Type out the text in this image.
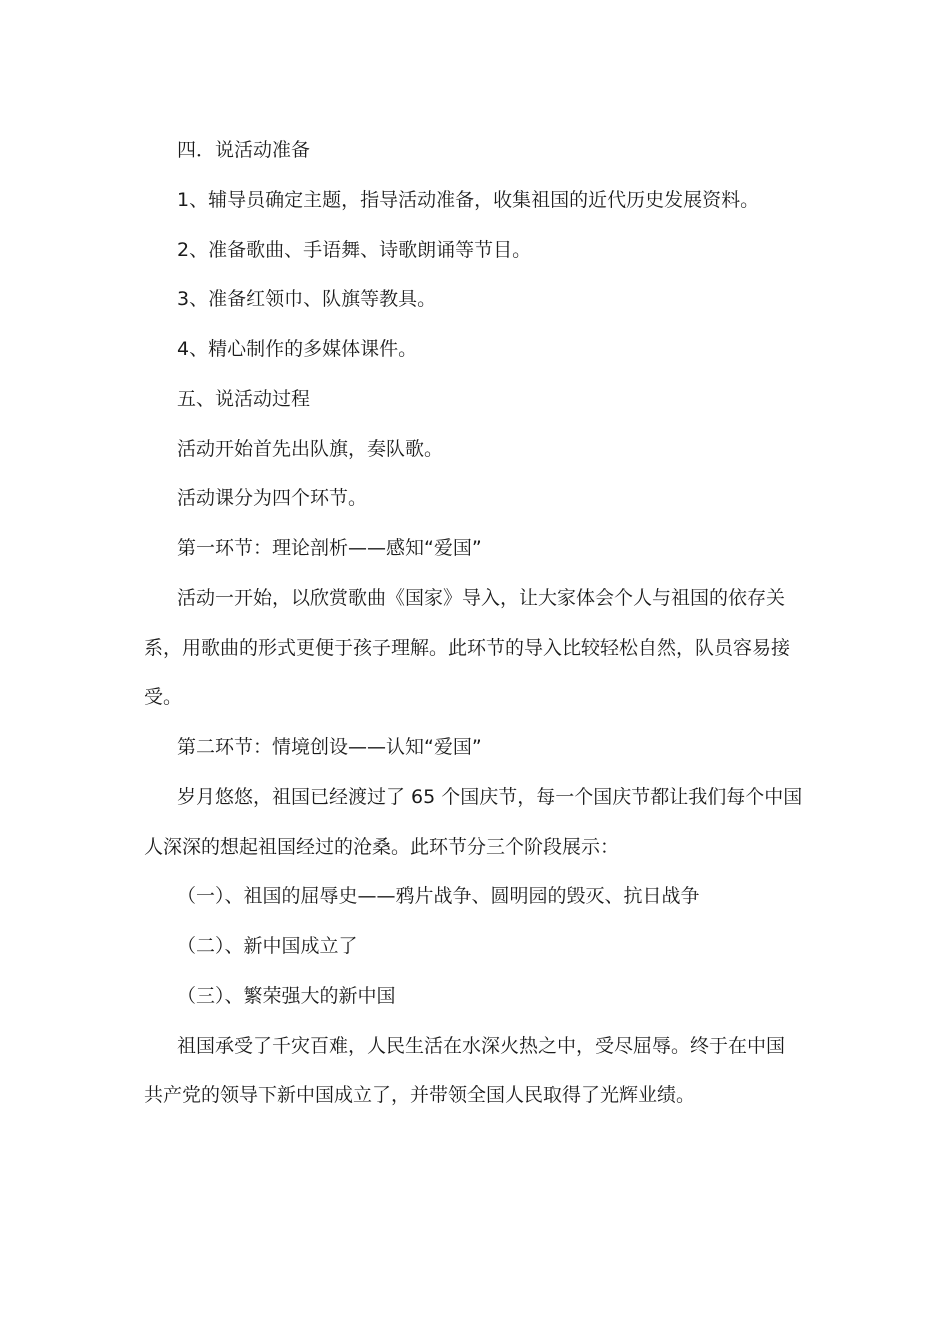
四．说活动准备
1、辅导员确定主题，指导活动准备，收集祖国的近代历史发展资料。
2、准备歌曲、手语舞、诗歌朗诵等节目。
3、准备红领巾、队旗等教具。
4、精心制作的多媒体课件。
五、说活动过程
活动开始首先出队旗，奏队歌。
活动课分为四个环节。
第一环节：理论剖析——感知“爱国”
活动一开始，以欣赏歌曲《国家》导入，让大家体会个人与祖国的依存关
系，用歌曲的形式更便于孩子理解。此环节的导入比较轻松自然，队员容易接
受。
第二环节：情境创设——认知“爱国”
岁月悠悠，祖国已经渡过了 65 个国庆节，每一个国庆节都让我们每个中国
人深深的想起祖国经过的沧桑。此环节分三个阶段展示：
（一）、祖国的屈辱史——鸦片战争、圆明园的毁灭、抗日战争
（二）、新中国成立了
（三）、繁荣强大的新中国
祖国承受了千灾百难，人民生活在水深火热之中，受尽屈辱。终于在中国
共产党的领导下新中国成立了，并带领全国人民取得了光辉业绩。
